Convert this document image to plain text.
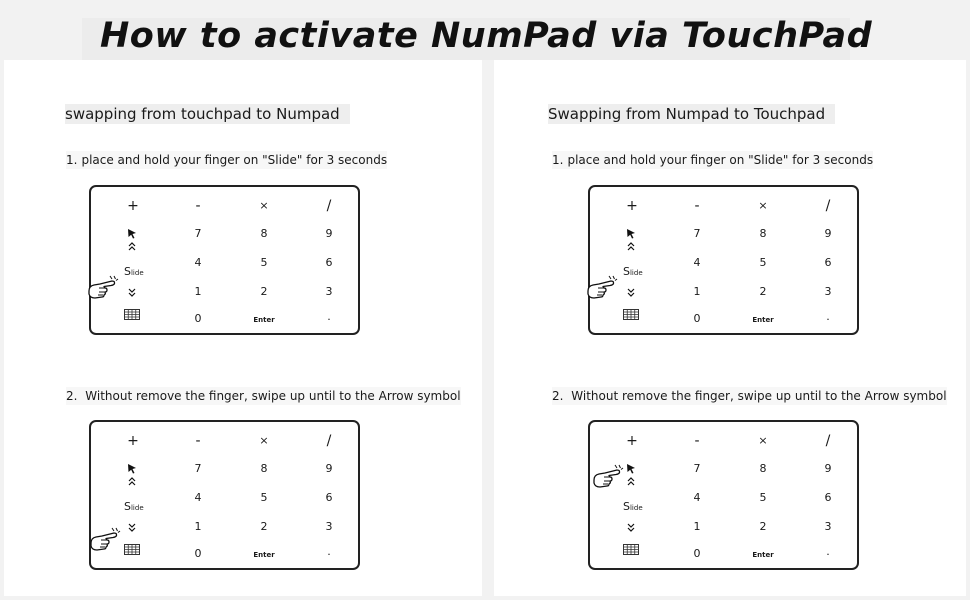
How to activate NumPad via TouchPad
swapping from touchpad to Numpad
1. place and hold your finger on "Slide" for 3 seconds
2. Without remove the finger, swipe up until to the Arrow symbol
Swapping from Numpad to Touchpad
1. place and hold your finger on "Slide" for 3 seconds
2. Without remove the finger, swipe up until to the Arrow symbol
+	-	×	/
7	8	9
4	5	6
1	2	3
0	Enter	.
Slide
+	-	×	/
7	8	9
4	5	6
1	2	3
0	Enter	.
Slide
+	-	×	/
7	8	9
4	5	6
1	2	3
0	Enter	.
Slide
+	-	×	/
7	8	9
4	5	6
1	2	3
0	Enter	.
Slide
